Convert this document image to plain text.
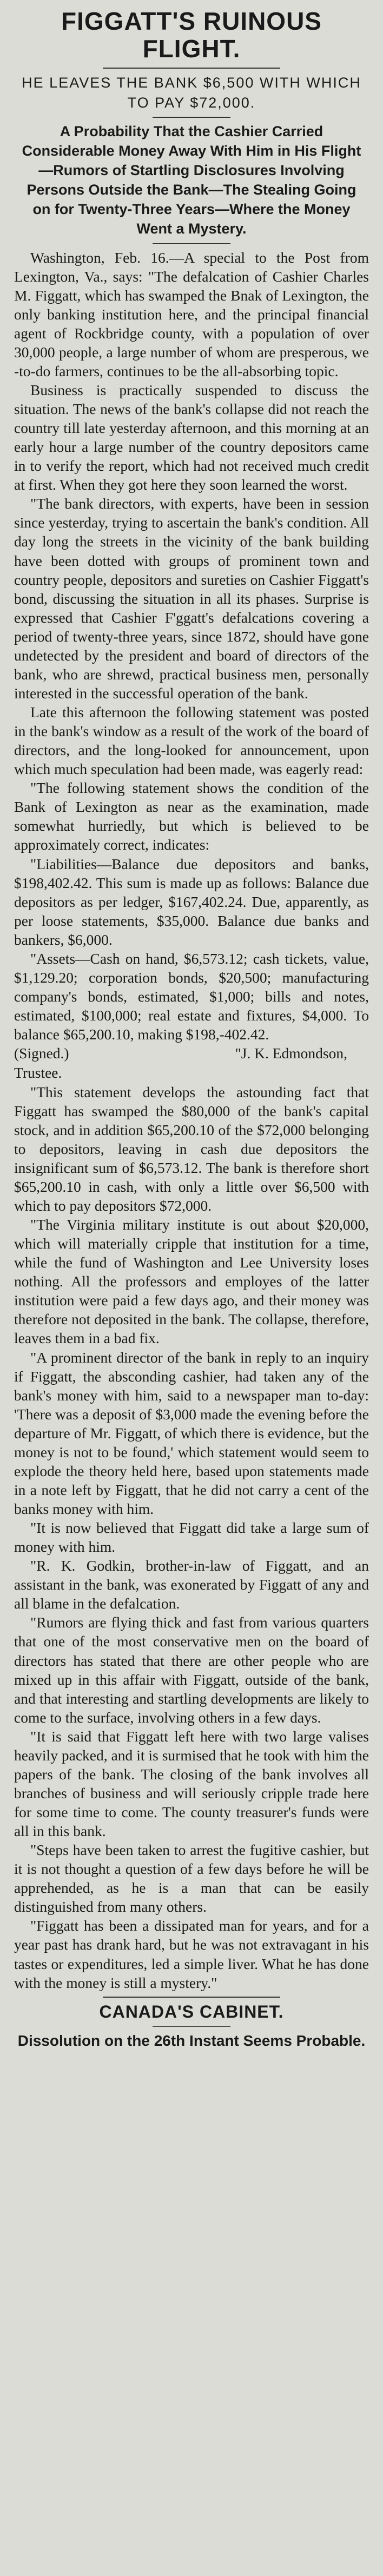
FIGGATT'S RUINOUS FLIGHT.

HE LEAVES THE BANK $6,500 WITH WHICH TO PAY $72,000.

A Probability That the Cashier Carried Considerable Money Away With Him in His Flight—Rumors of Startling Disclosures Involving Persons Outside the Bank—The Stealing Going on for Twenty-Three Years—Where the Money Went a Mystery.

Washington, Feb. 16.—A special to the Post from Lexington, Va., says: "The defalcation of Cashier Charles M. Figgatt, which has swamped the Bnak of Lexington, the only banking institution here, and the principal financial agent of Rockbridge county, with a population of over 30,000 people, a large number of whom are presperous, we -to-do farmers, continues to be the all-absorbing topic.

Business is practically suspended to discuss the situation. The news of the bank's collapse did not reach the country till late yesterday afternoon, and this morning at an early hour a large number of the country depositors came in to verify the report, which had not received much credit at first. When they got here they soon learned the worst.

"The bank directors, with experts, have been in session since yesterday, trying to ascertain the bank's condition. All day long the streets in the vicinity of the bank building have been dotted with groups of prominent town and country people, depositors and sureties on Cashier Figgatt's bond, discussing the situation in all its phases. Surprise is expressed that Cashier F'ggatt's defalcations covering a period of twenty-three years, since 1872, should have gone undetected by the president and board of directors of the bank, who are shrewd, practical business men, personally interested in the successful operation of the bank.

Late this afternoon the following statement was posted in the bank's window as a result of the work of the board of directors, and the long-looked for announcement, upon which much speculation had been made, was eagerly read:

"The following statement shows the condition of the Bank of Lexington as near as the examination, made somewhat hurriedly, but which is believed to be approximately correct, indicates:

"Liabilities—Balance due depositors and banks, $198,402.42. This sum is made up as follows: Balance due depositors as per ledger, $167,402.24. Due, apparently, as per loose statements, $35,000. Balance due banks and bankers, $6,000.

"Assets—Cash on hand, $6,573.12; cash tickets, value, $1,129.20; corporation bonds, $20,500; manufacturing company's bonds, estimated, $1,000; bills and notes, estimated, $100,000; real estate and fixtures, $4,000. To balance $65,200.10, making $198,-402.42.

(Signed.)	"J. K. Edmondson,

Trustee.

"This statement develops the astounding fact that Figgatt has swamped the $80,000 of the bank's capital stock, and in addition $65,200.10 of the $72,000 belonging to depositors, leaving in cash due depositors the insignificant sum of $6,573.12. The bank is therefore short $65,200.10 in cash, with only a little over $6,500 with which to pay depositors $72,000.

"The Virginia military institute is out about $20,000, which will materially cripple that institution for a time, while the fund of Washington and Lee University loses nothing. All the professors and employes of the latter institution were paid a few days ago, and their money was therefore not deposited in the bank. The collapse, therefore, leaves them in a bad fix.

"A prominent director of the bank in reply to an inquiry if Figgatt, the absconding cashier, had taken any of the bank's money with him, said to a newspaper man to-day: 'There was a deposit of $3,000 made the evening before the departure of Mr. Figgatt, of which there is evidence, but the money is not to be found,' which statement would seem to explode the theory held here, based upon statements made in a note left by Figgatt, that he did not carry a cent of the banks money with him.

"It is now believed that Figgatt did take a large sum of money with him.

"R. K. Godkin, brother-in-law of Figgatt, and an assistant in the bank, was exonerated by Figgatt of any and all blame in the defalcation.

"Rumors are flying thick and fast from various quarters that one of the most conservative men on the board of directors has stated that there are other people who are mixed up in this affair with Figgatt, outside of the bank, and that interesting and startling developments are likely to come to the surface, involving others in a few days.

"It is said that Figgatt left here with two large valises heavily packed, and it is surmised that he took with him the papers of the bank. The closing of the bank involves all branches of business and will seriously cripple trade here for some time to come. The county treasurer's funds were all in this bank.

"Steps have been taken to arrest the fugitive cashier, but it is not thought a question of a few days before he will be apprehended, as he is a man that can be easily distinguished from many others.

"Figgatt has been a dissipated man for years, and for a year past has drank hard, but he was not extravagant in his tastes or expenditures, led a simple liver. What he has done with the money is still a mystery."

CANADA'S CABINET.

Dissolution on the 26th Instant Seems Probable.
